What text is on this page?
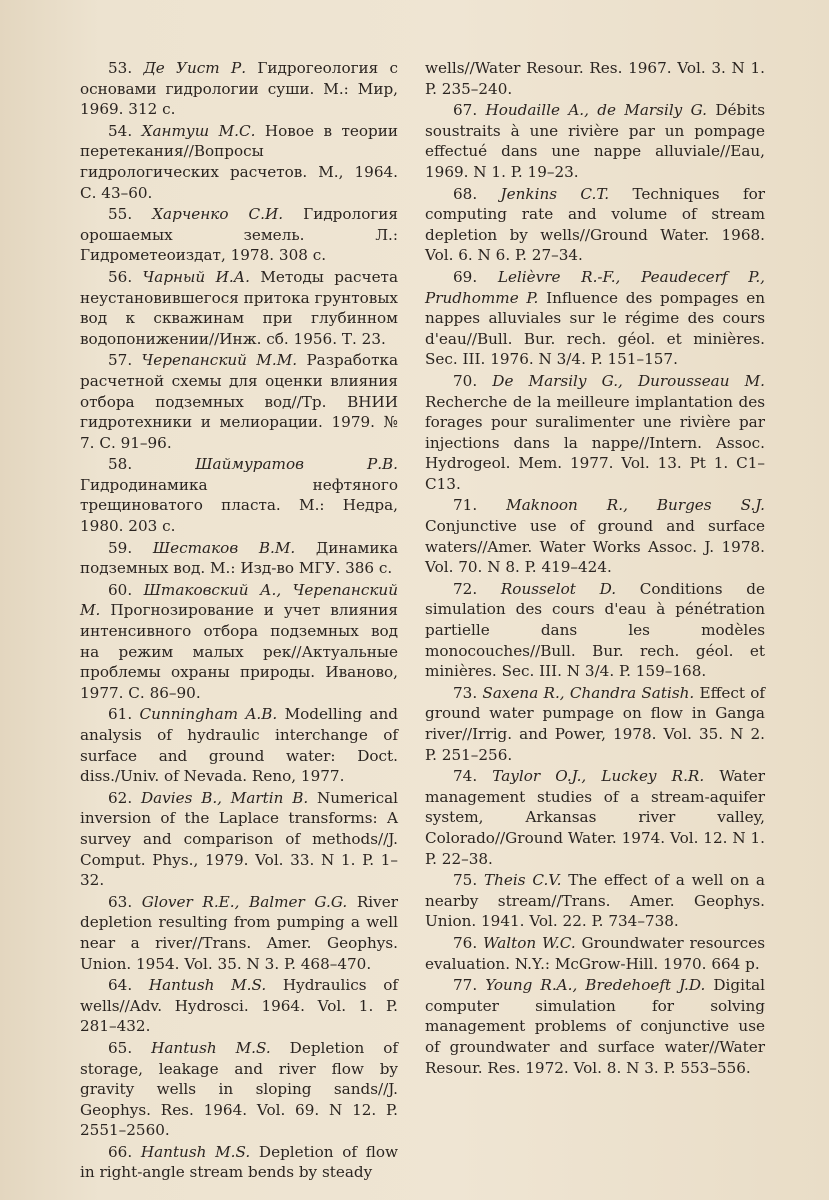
53. Де Уист Р. Гидрогеология с основами гидрологии суши. М.: Мир, 1969. 312 с.

54. Хантуш М.С. Новое в теории перетекания//Вопросы гидрологических расчетов. М., 1964. С. 43–60.

55. Харченко С.И. Гидрология орошаемых земель. Л.: Гидрометеоиздат, 1978. 308 с.

56. Чарный И.А. Методы расчета неустановившегося притока грунтовых вод к скважинам при глубинном водопонижении//Инж. сб. 1956. Т. 23.

57. Черепанский М.М. Разработка расчетной схемы для оценки влияния отбора подземных вод//Тр. ВНИИ гидротехники и мелиорации. 1979. № 7. С. 91–96.

58.	Шаймуратов Р.В. Гидродинамика нефтяного трещиноватого пласта. М.: Недра, 1980. 203 с.

59. Шестаков В.М. Динамика подземных вод. М.: Изд-во МГУ. 386 с.

60. Штаковский А., Черепанский М. Прогнозирование и учет влияния интенсивного отбора подземных вод на режим малых рек//Актуальные проблемы охраны природы. Иваново, 1977. С. 86–90.

61. Cunningham A.B. Modelling and analysis of hydraulic interchange of surface and ground water: Doct. diss./Univ. of Nevada. Reno, 1977.

62. Davies B., Martin B. Numerical inversion of the Laplace transforms: A survey and comparison of methods//J. Comput. Phys., 1979. Vol. 33. N 1. P. 1–32.

63. Glover R.E., Balmer G.G. River depletion resulting from pumping a well near a river//Trans. Amer. Geophys. Union. 1954. Vol. 35. N 3. P. 468–470.

64. Hantush M.S. Hydraulics of wells//Adv. Hydrosci. 1964. Vol. 1. P. 281–432.

65. Hantush M.S. Depletion of storage, leakage and river flow by gravity wells in sloping sands//J. Geophys. Res. 1964. Vol. 69. N 12. P. 2551–2560.

66. Hantush M.S. Depletion of flow in right-angle stream bends by steady

wells//Water Resour. Res. 1967. Vol. 3. N 1. P. 235–240.

67. Houdaille A., de Marsily G. Débits soustraits à une rivière par un pompage effectué dans une nappe alluviale//Eau, 1969. N 1. P. 19–23.

68. Jenkins C.T. Techniques for computing rate and volume of stream depletion by wells//Ground Water. 1968. Vol. 6. N 6. P. 27–34.

69. Lelièvre R.-F., Peaudecerf P., Prudhomme P. Influence des pompages en nappes alluviales sur le régime des cours d'eau//Bull. Bur. rech. géol. et minières. Sec. III. 1976. N 3/4. P. 151–157.

70. De Marsily G., Durousseau M. Recherche de la meilleure implantation des forages pour suralimenter une rivière par injections dans la nappe//Intern. Assoc. Hydrogeol. Mem. 1977. Vol. 13. Pt 1. C1–C13.

71. Maknoon R., Burges S.J. Conjunctive use of ground and surface waters//Amer. Water Works Assoc. J. 1978. Vol. 70. N 8. P. 419–424.

72. Rousselot D. Conditions de simulation des cours d'eau à pénétration partielle dans les modèles monocouches//Bull. Bur. rech. géol. et minières. Sec. III. N 3/4. P. 159–168.

73. Saxena R., Chandra Satish. Effect of ground water pumpage on flow in Ganga river//Irrig. and Power, 1978. Vol. 35. N 2. P. 251–256.

74. Taylor O.J., Luckey R.R. Water management studies of a stream-aquifer system, Arkansas river valley, Colorado//Ground Water. 1974. Vol. 12. N 1. P. 22–38.

75. Theis C.V. The effect of a well on a nearby stream//Trans. Amer. Geophys. Union. 1941. Vol. 22. P. 734–738.

76. Walton W.C. Groundwater resources evaluation. N.Y.: McGrow-Hill. 1970. 664 p.

77. Young R.A., Bredehoeft J.D. Digital computer simulation for solving management problems of conjunctive use of groundwater and surface water//Water Resour. Res. 1972. Vol. 8. N 3. P. 553–556.
